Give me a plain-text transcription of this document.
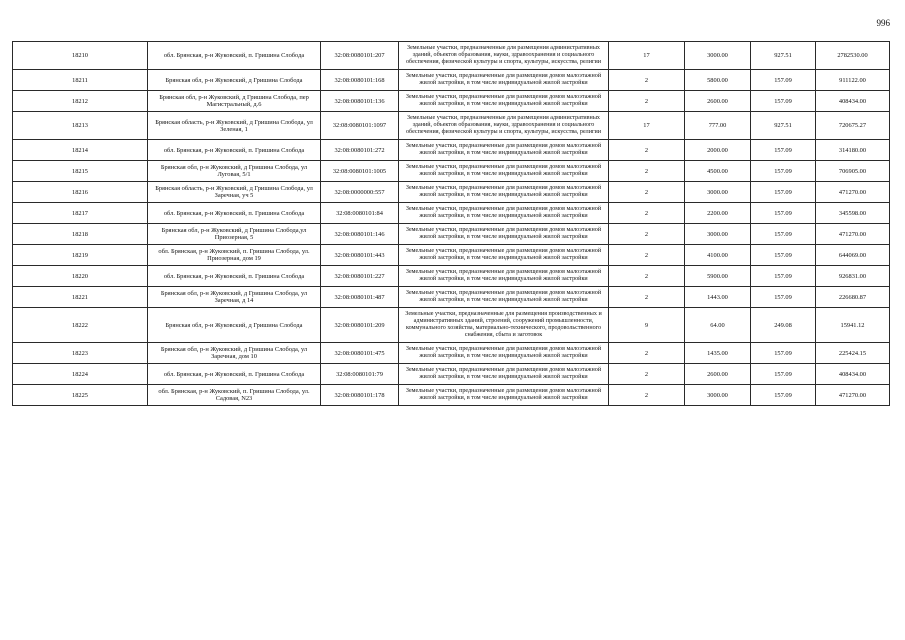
996
18210	обл. Брянская, р-н Жуковский, п. Гришина Слобода	32:08:0080101:207	Земельные участки, предназначенные для размещения административных зданий, объектов образования, науки, здравоохранения и социального обеспечения, физической культуры и спорта, культуры, искусства, религии	17	3000.00	927.51	2782530.00
18211	Брянская обл, р-н Жуковский, д Гришина Слобода	32:08:0080101:168	Земельные участки, предназначенные для размещения домов малоэтажной жилой застройки, в том числе индивидуальной жилой застройки	2	5800.00	157.09	911122.00
18212	Брянская обл, р-н Жуковский, д Гришина Слобода, пер Магистральный, д.6	32:08:0080101:136	Земельные участки, предназначенные для размещения домов малоэтажной жилой застройки, в том числе индивидуальной жилой застройки	2	2600.00	157.09	408434.00
18213	Брянская область, р-н Жуковский, д Гришина Слобода, ул Зеленая, 1	32:08:0080101:1097	Земельные участки, предназначенные для размещения административных зданий, объектов образования, науки, здравоохранения и социального обеспечения, физической культуры и спорта, культуры, искусства, религии	17	777.00	927.51	720675.27
18214	обл. Брянская, р-н Жуковский, п. Гришина Слобода	32:08:0080101:272	Земельные участки, предназначенные для размещения домов малоэтажной жилой застройки, в том числе индивидуальной жилой застройки	2	2000.00	157.09	314180.00
18215	Брянская обл, р-н Жуковский, д Гришина Слобода, ул Луговая, 5/1	32:08:0080101:1005	Земельные участки, предназначенные для размещения домов малоэтажной жилой застройки, в том числе индивидуальной жилой застройки	2	4500.00	157.09	706905.00
18216	Брянская область, р-н Жуковский, д Гришина Слобода, ул Заречная, уч 5	32:08:0000000:557	Земельные участки, предназначенные для размещения домов малоэтажной жилой застройки, в том числе индивидуальной жилой застройки	2	3000.00	157.09	471270.00
18217	обл. Брянская, р-н Жуковский, п. Гришина Слобода	32:08:0080101:84	Земельные участки, предназначенные для размещения домов малоэтажной жилой застройки, в том числе индивидуальной жилой застройки	2	2200.00	157.09	345598.00
18218	Брянская обл, р-н Жуковский, д Гришина Слобода,ул Приозерная, 5	32:08:0080101:146	Земельные участки, предназначенные для размещения домов малоэтажной жилой застройки, в том числе индивидуальной жилой застройки	2	3000.00	157.09	471270.00
18219	обл. Брянская, р-н Жуковский, п. Гришина Слобода, ул. Приозерная, дом 19	32:08:0080101:443	Земельные участки, предназначенные для размещения домов малоэтажной жилой застройки, в том числе индивидуальной жилой застройки	2	4100.00	157.09	644069.00
18220	обл. Брянская, р-н Жуковский, п. Гришина Слобода	32:08:0080101:227	Земельные участки, предназначенные для размещения домов малоэтажной жилой застройки, в том числе индивидуальной жилой застройки	2	5900.00	157.09	926831.00
18221	Брянская обл, р-н Жуковский, д Гришина Слобода, ул Заречная, д 14	32:08:0080101:487	Земельные участки, предназначенные для размещения домов малоэтажной жилой застройки, в том числе индивидуальной жилой застройки	2	1443.00	157.09	226680.87
18222	Брянская обл, р-н Жуковский, д Гришина Слобода	32:08:0080101:209	Земельные участки, предназначенные для размещения производственных и административных зданий, строений, сооружений промышленности, коммунального хозяйства, материально-технического, продовольственного снабжения, сбыта и заготовок	9	64.00	249.08	15941.12
18223	Брянская обл, р-н Жуковский, д Гришина Слобода, ул Заречная, дом 10	32:08:0080101:475	Земельные участки, предназначенные для размещения домов малоэтажной жилой застройки, в том числе индивидуальной жилой застройки	2	1435.00	157.09	225424.15
18224	обл. Брянская, р-н Жуковский, п. Гришина Слобода	32:08:0080101:79	Земельные участки, предназначенные для размещения домов малоэтажной жилой застройки, в том числе индивидуальной жилой застройки	2	2600.00	157.09	408434.00
18225	обл. Брянская, р-н Жуковский, п. Гришина Слобода, ул. Садовая, N23	32:08:0080101:178	Земельные участки, предназначенные для размещения домов малоэтажной жилой застройки, в том числе индивидуальной жилой застройки	2	3000.00	157.09	471270.00
